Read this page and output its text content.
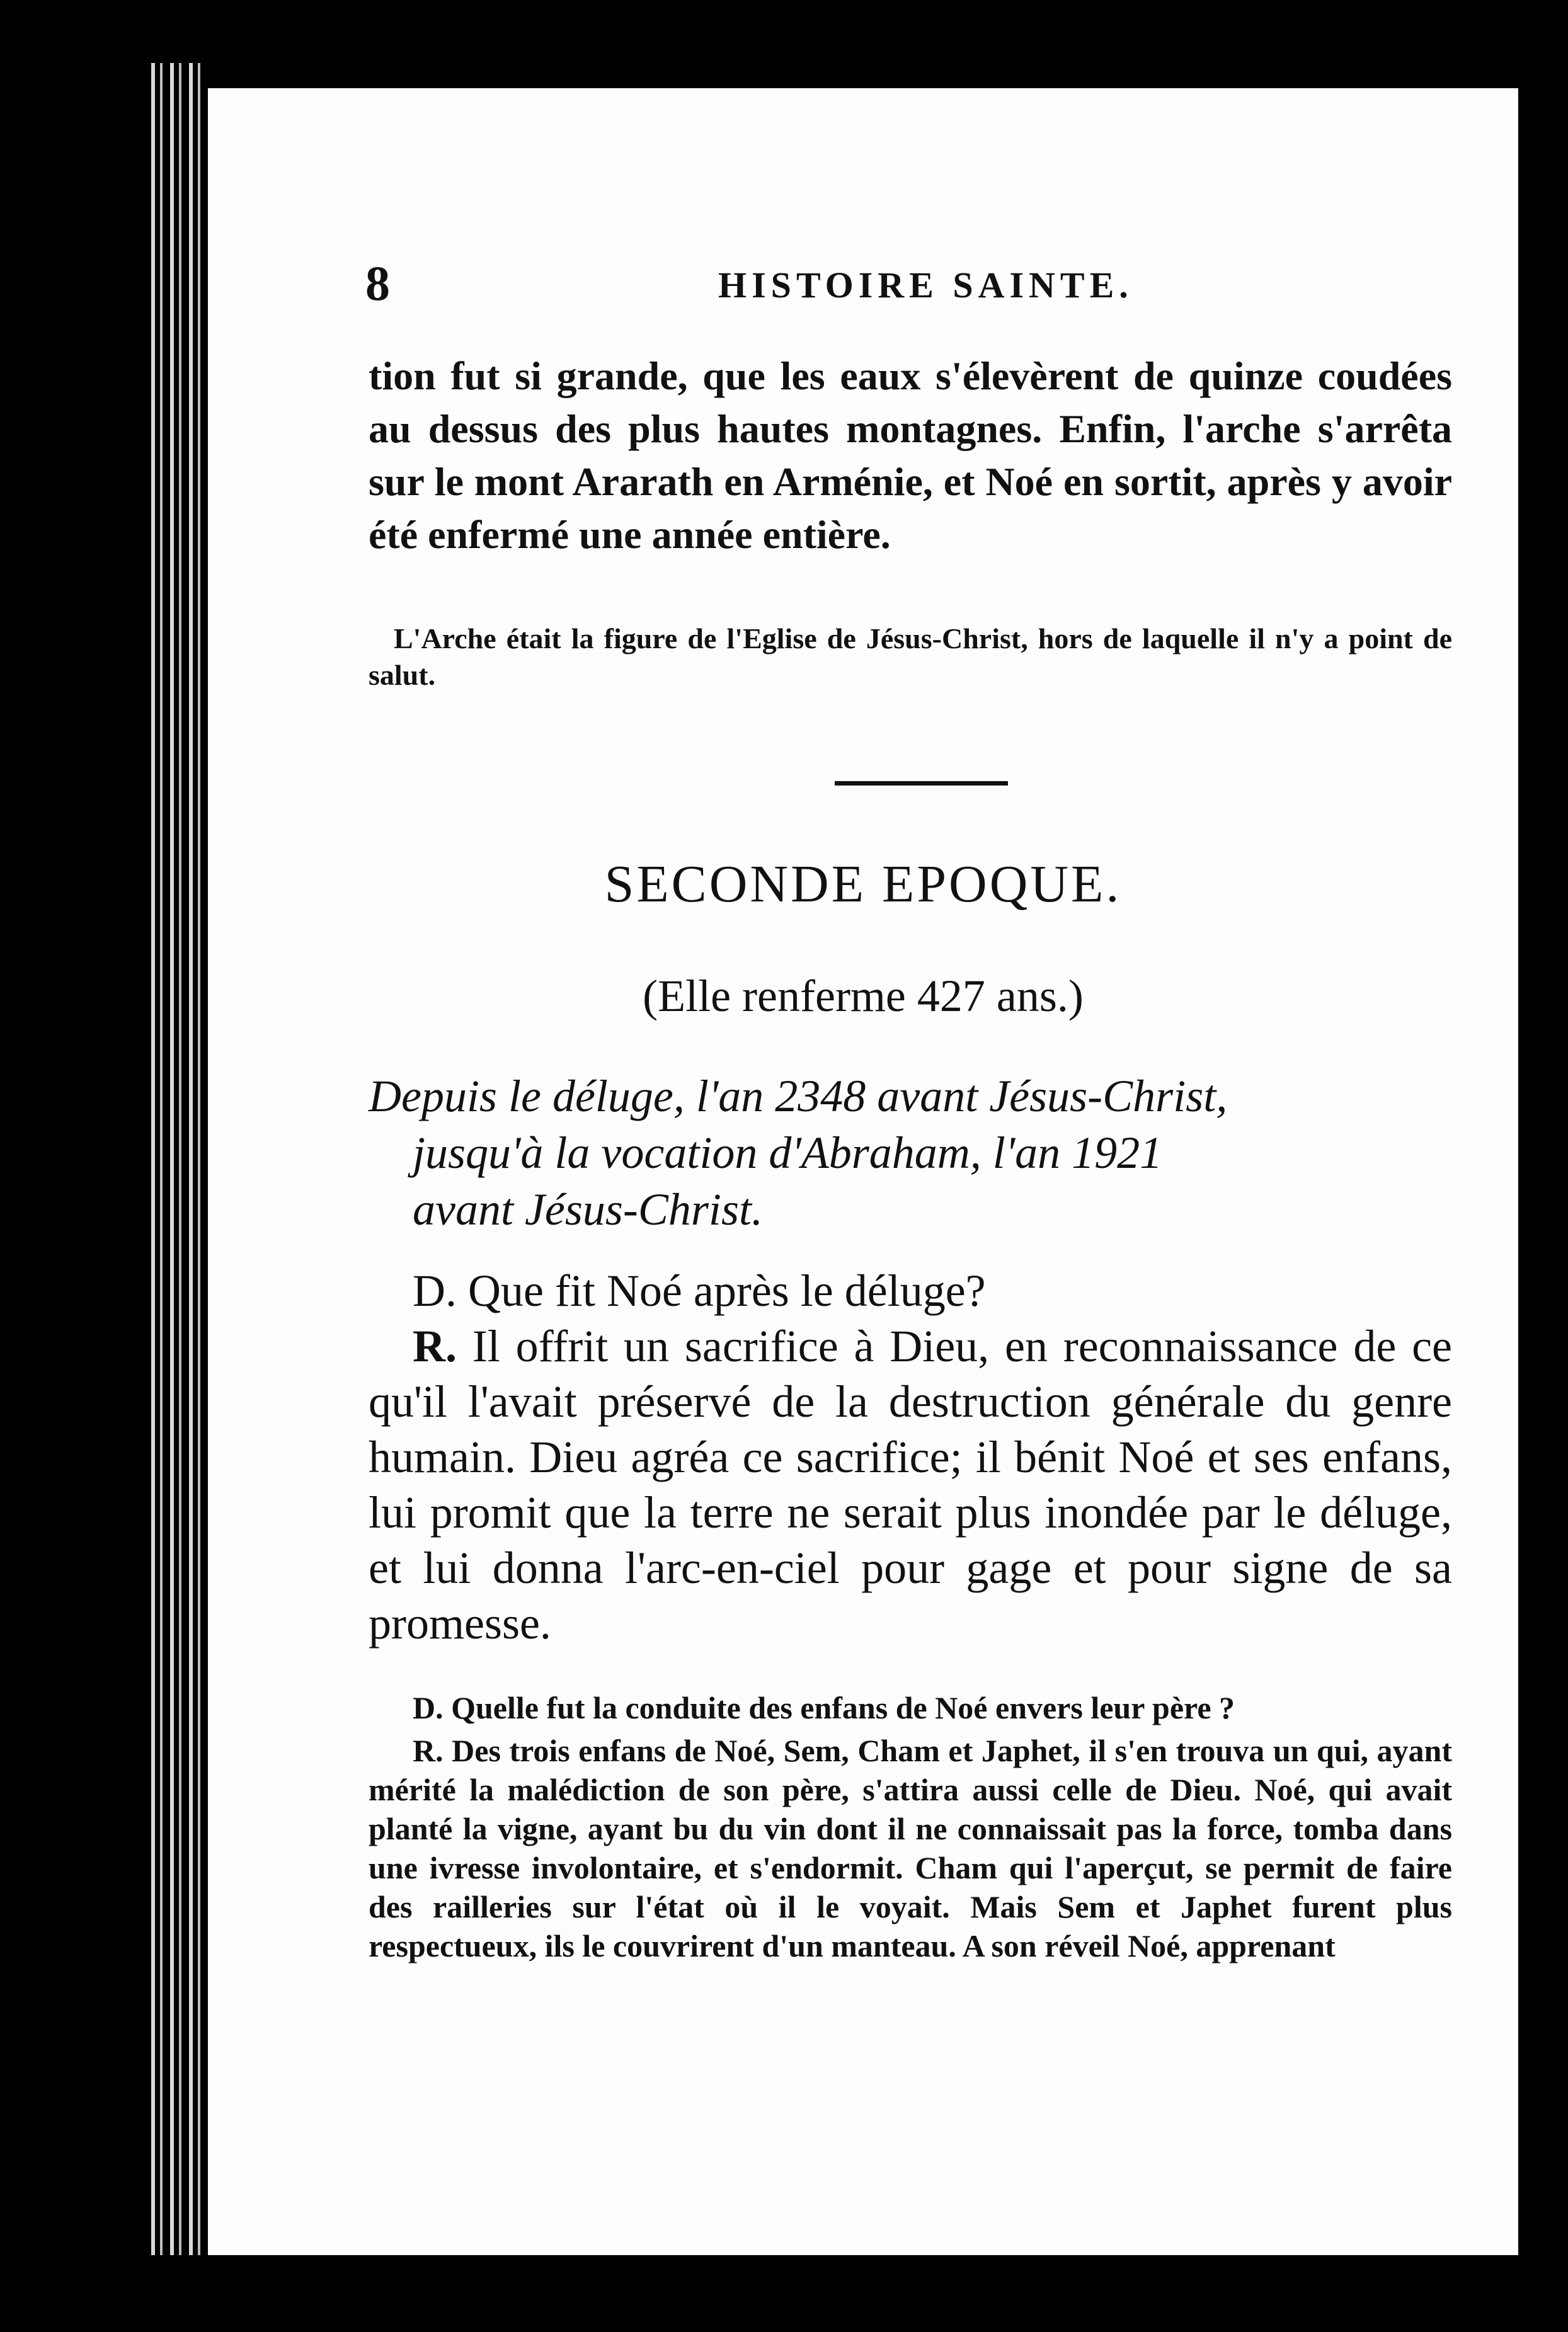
8	HISTOIRE SAINTE.
tion fut si grande, que les eaux s'élevèrent de quinze coudées au dessus des plus hautes montagnes. Enfin, l'arche s'arrêta sur le mont Ararath en Arménie, et Noé en sortit, après y avoir été enfermé une année entière.
L'Arche était la figure de l'Eglise de Jésus-Christ, hors de laquelle il n'y a point de salut.
SECONDE EPOQUE.
(Elle renferme 427 ans.)
Depuis le déluge, l'an 2348 avant Jésus-Christ,
jusqu'à la vocation d'Abraham, l'an 1921
avant Jésus-Christ.
D. Que fit Noé après le déluge?
R. Il offrit un sacrifice à Dieu, en reconnaissance de ce qu'il l'avait préservé de la destruction générale du genre humain. Dieu agréa ce sacrifice; il bénit Noé et ses enfans, lui promit que la terre ne serait plus inondée par le déluge, et lui donna l'arc-en-ciel pour gage et pour signe de sa promesse.
D. Quelle fut la conduite des enfans de Noé envers leur père ?
R. Des trois enfans de Noé, Sem, Cham et Japhet, il s'en trouva un qui, ayant mérité la malédiction de son père, s'attira aussi celle de Dieu. Noé, qui avait planté la vigne, ayant bu du vin dont il ne connaissait pas la force, tomba dans une ivresse involontaire, et s'endormit. Cham qui l'aperçut, se permit de faire des railleries sur l'état où il le voyait. Mais Sem et Japhet furent plus respectueux, ils le couvrirent d'un manteau. A son réveil Noé, apprenant
